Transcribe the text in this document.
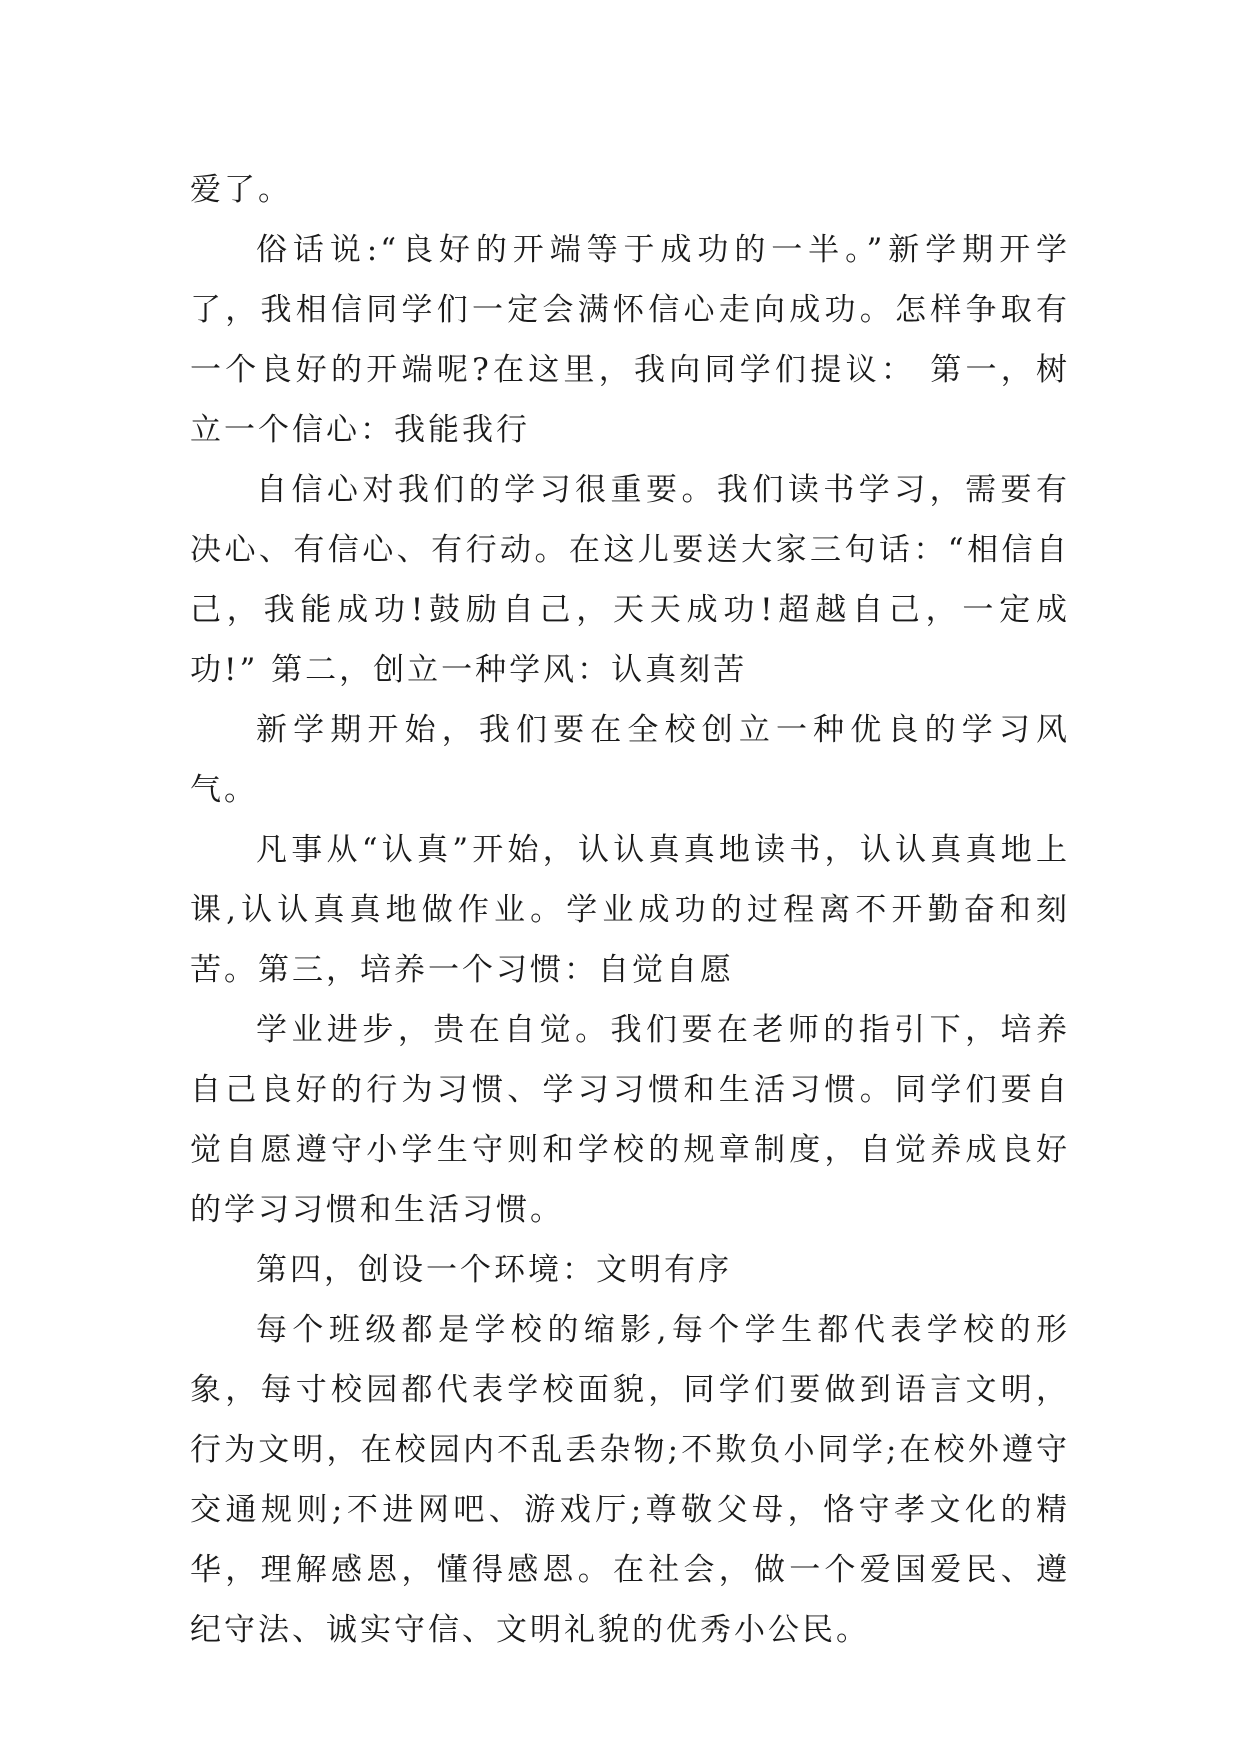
爱了。

俗话说:“良好的开端等于成功的一半。”新学期开学了，我相信同学们一定会满怀信心走向成功。怎样争取有一个良好的开端呢?在这里，我向同学们提议： 第一，树立一个信心：我能我行

自信心对我们的学习很重要。我们读书学习，需要有决心、有信心、有行动。在这儿要送大家三句话：“相信自己，我能成功!鼓励自己，天天成功!超越自己，一定成功!” 第二，创立一种学风：认真刻苦

新学期开始，我们要在全校创立一种优良的学习风气。

凡事从“认真”开始，认认真真地读书，认认真真地上课,认认真真地做作业。学业成功的过程离不开勤奋和刻苦。第三，培养一个习惯：自觉自愿

学业进步，贵在自觉。我们要在老师的指引下，培养自己良好的行为习惯、学习习惯和生活习惯。同学们要自觉自愿遵守小学生守则和学校的规章制度，自觉养成良好的学习习惯和生活习惯。

第四，创设一个环境：文明有序

每个班级都是学校的缩影,每个学生都代表学校的形象，每寸校园都代表学校面貌，同学们要做到语言文明，行为文明，在校园内不乱丢杂物;不欺负小同学;在校外遵守交通规则;不进网吧、游戏厅;尊敬父母，恪守孝文化的精华，理解感恩，懂得感恩。在社会，做一个爱国爱民、遵纪守法、诚实守信、文明礼貌的优秀小公民。
